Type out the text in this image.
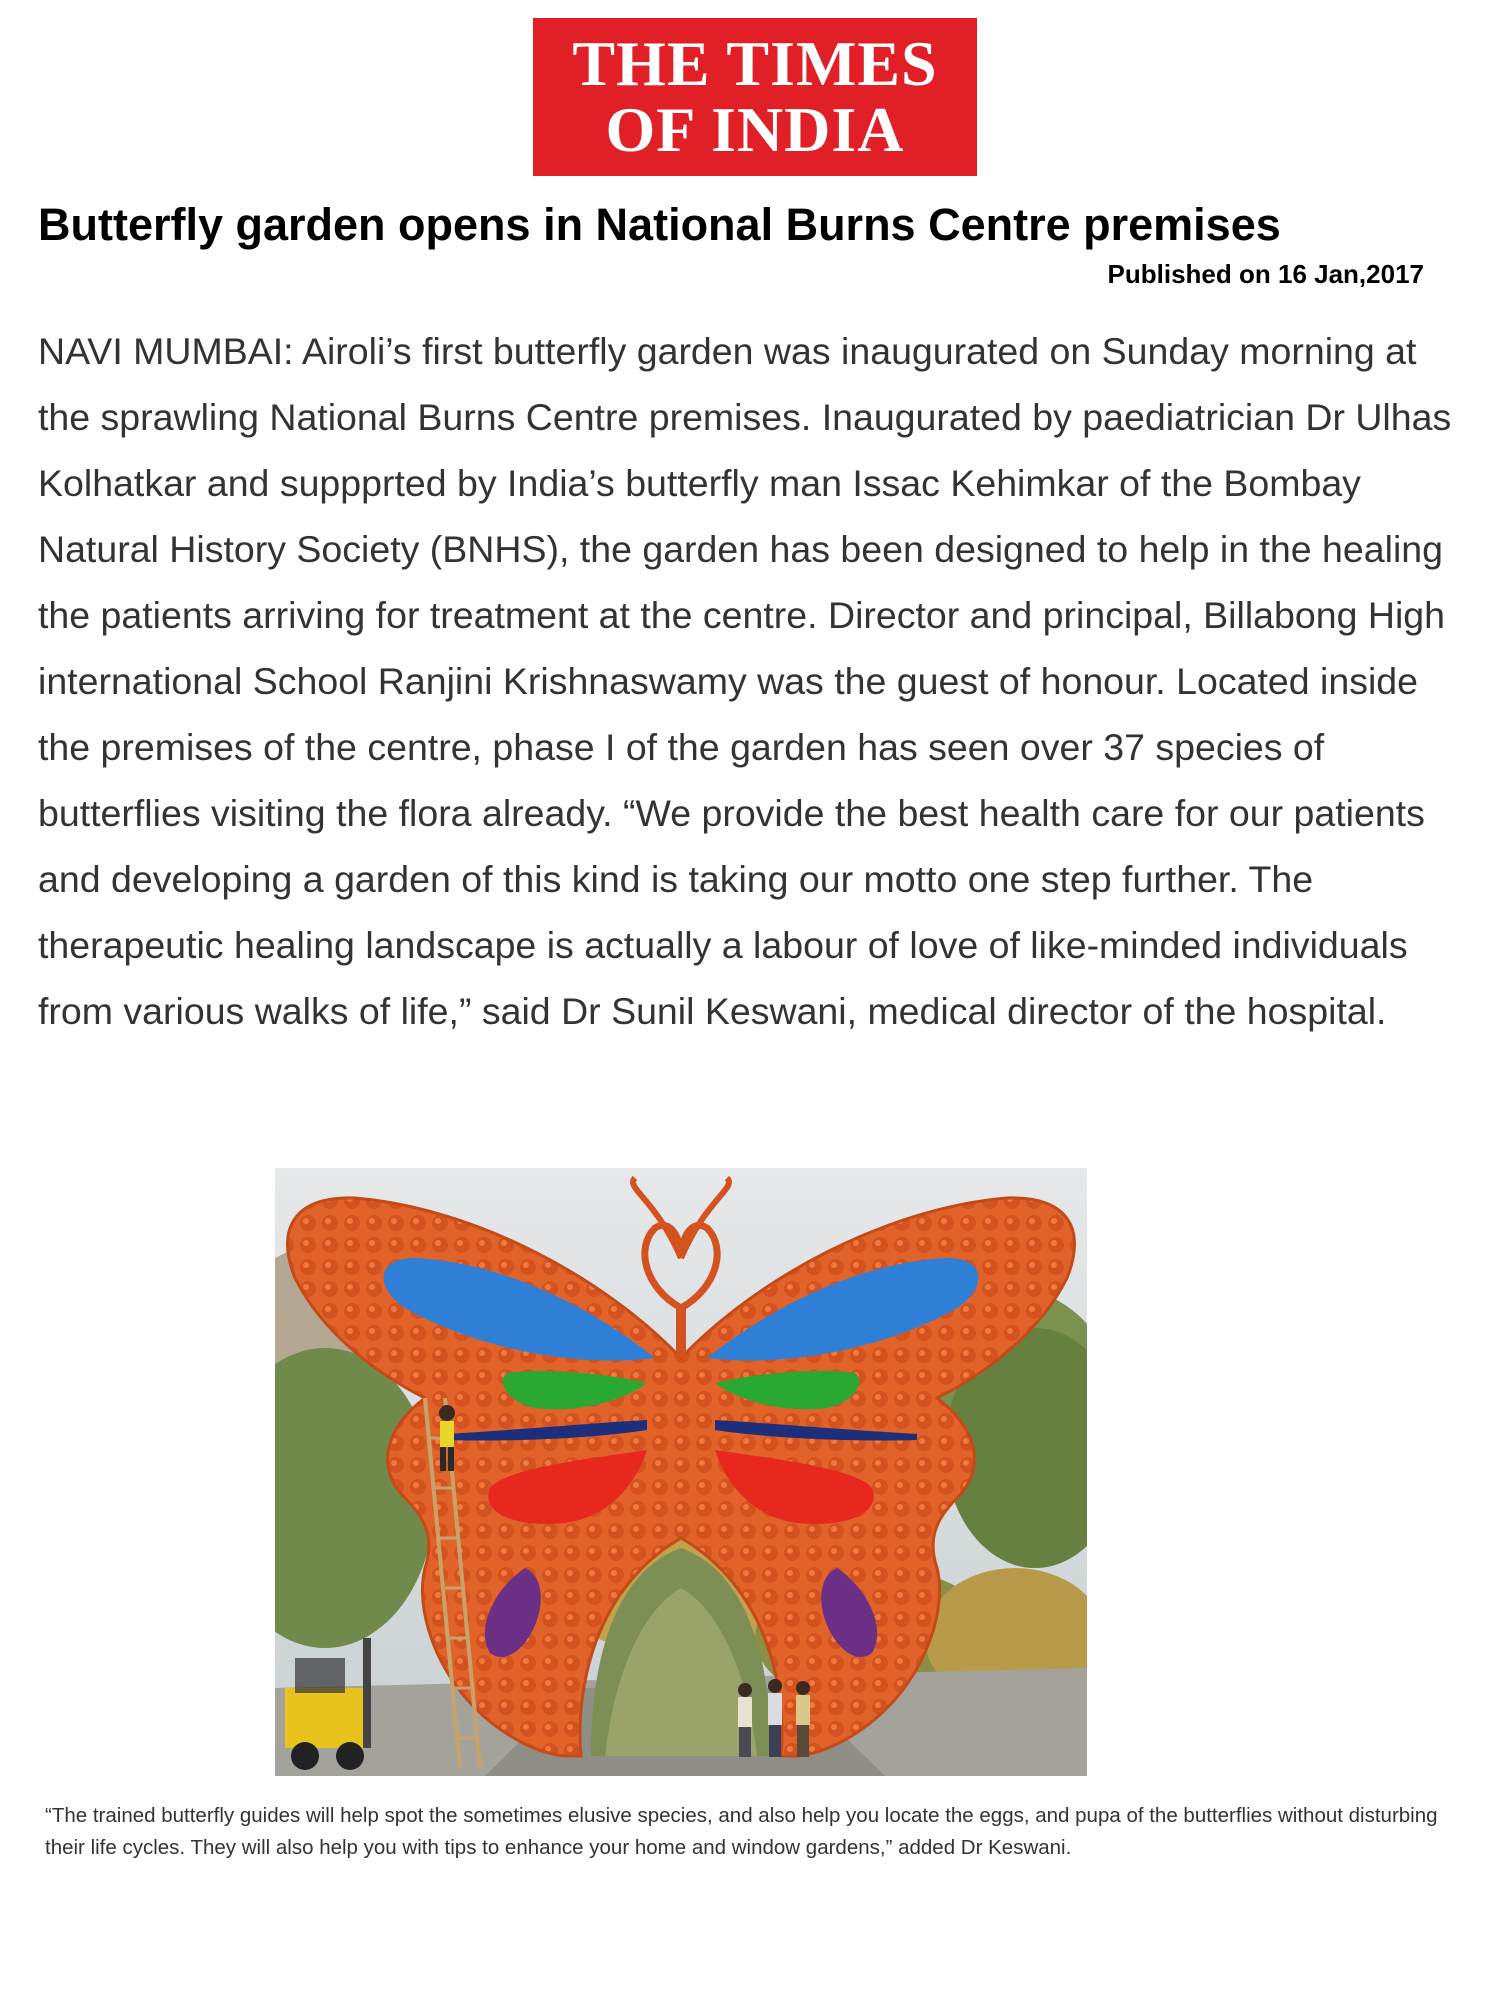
THE TIMES
OF INDIA
Butterfly garden opens in National Burns Centre premises
Published on 16 Jan,2017

NAVI MUMBAI: Airoli’s first butterfly garden was inaugurated on Sunday morning at the sprawling National Burns Centre premises. Inaugurated by paediatrician Dr Ulhas Kolhatkar and suppprted by India’s butterfly man Issac Kehimkar of the Bombay Natural History Society (BNHS), the garden has been designed to help in the healing the patients arriving for treatment at the centre. Director and principal, Billabong High international School Ranjini Krishnaswamy was the guest of honour. Located inside the premises of the centre, phase I of the garden has seen over 37 species of butterflies visiting the flora already. “We provide the best health care for our patients and developing a garden of this kind is taking our motto one step further. The therapeutic healing landscape is actually a labour of love of like-minded individuals from various walks of life,” said Dr Sunil Keswani, medical director of the hospital.

“The trained butterfly guides will help spot the sometimes elusive species, and also help you locate the eggs, and pupa of the butterflies without disturbing their life cycles. They will also help you with tips to enhance your home and window gardens,” added Dr Keswani.
